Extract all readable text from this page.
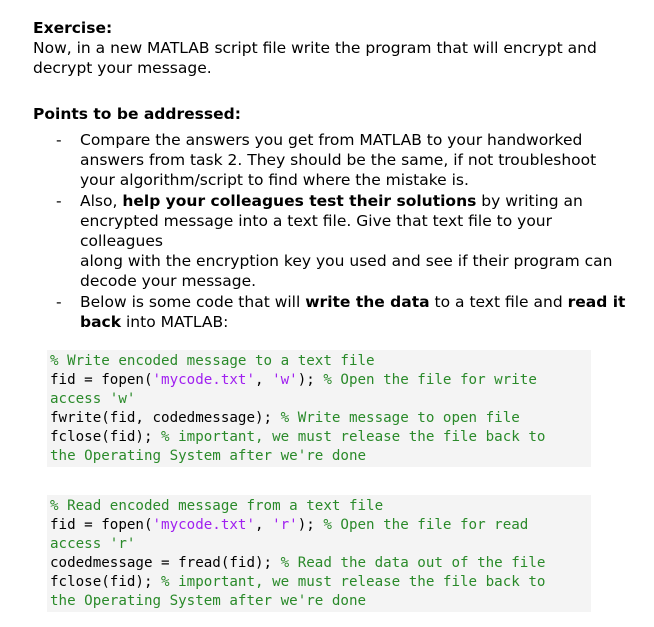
Exercise:

Now, in a new MATLAB script file write the program that will encrypt and

decrypt your message.

Points to be addressed:

- Compare the answers you get from MATLAB to your handworked
answers from task 2. They should be the same, if not troubleshoot
your algorithm/script to find where the mistake is.
- Also, help your colleagues test their solutions by writing an
encrypted message into a text file. Give that text file to your colleagues
along with the encryption key you used and see if their program can
decode your message.
- Below is some code that will write the data to a text file and read it
back into MATLAB:
% Write encoded message to a text file
fid = fopen('mycode.txt', 'w'); % Open the file for write
access 'w'
fwrite(fid, codedmessage); % Write message to open file
fclose(fid); % important, we must release the file back to
the Operating System after we're done
% Read encoded message from a text file
fid = fopen('mycode.txt', 'r'); % Open the file for read
access 'r'
codedmessage = fread(fid); % Read the data out of the file
fclose(fid); % important, we must release the file back to
the Operating System after we're done
